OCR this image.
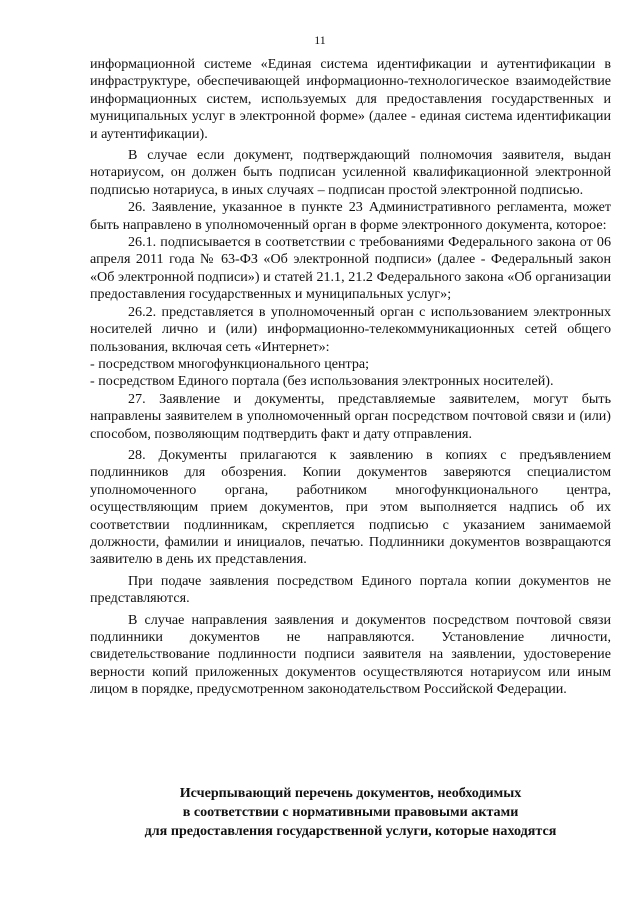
11

информационной системе «Единая система идентификации и аутентификации в инфраструктуре, обеспечивающей информационно-технологическое взаимодействие информационных систем, используемых для предоставления государственных и муниципальных услуг в электронной форме» (далее - единая система идентификации и аутентификации).

В случае если документ, подтверждающий полномочия заявителя, выдан нотариусом, он должен быть подписан усиленной квалификационной электронной подписью нотариуса, в иных случаях – подписан простой электронной подписью.

26. Заявление, указанное в пункте 23 Административного регламента, может быть направлено в уполномоченный орган в форме электронного документа, которое:

26.1. подписывается в соответствии с требованиями Федерального закона от 06 апреля 2011 года № 63-ФЗ «Об электронной подписи» (далее - Федеральный закон «Об электронной подписи») и статей 21.1, 21.2 Федерального закона «Об организации предоставления государственных и муниципальных услуг»;

26.2. представляется в уполномоченный орган с использованием электронных носителей лично и (или) информационно-телекоммуникационных сетей общего пользования, включая сеть «Интернет»:

- посредством многофункционального центра;

- посредством Единого портала (без использования электронных носителей).

27. Заявление и документы, представляемые заявителем, могут быть направлены заявителем в уполномоченный орган посредством почтовой связи и (или) способом, позволяющим подтвердить факт и дату отправления.

28. Документы прилагаются к заявлению в копиях с предъявлением подлинников для обозрения. Копии документов заверяются специалистом уполномоченного органа, работником многофункционального центра, осуществляющим прием документов, при этом выполняется надпись об их соответствии подлинникам, скрепляется подписью с указанием занимаемой должности, фамилии и инициалов, печатью. Подлинники документов возвращаются заявителю в день их представления.

При подаче заявления посредством Единого портала копии документов не представляются.

В случае направления заявления и документов посредством почтовой связи подлинники документов не направляются. Установление личности, свидетельствование подлинности подписи заявителя на заявлении, удостоверение верности копий приложенных документов осуществляются нотариусом или иным лицом в порядке, предусмотренном законодательством Российской Федерации.

Исчерпывающий перечень документов, необходимых
в соответствии с нормативными правовыми актами
для предоставления государственной услуги, которые находятся
